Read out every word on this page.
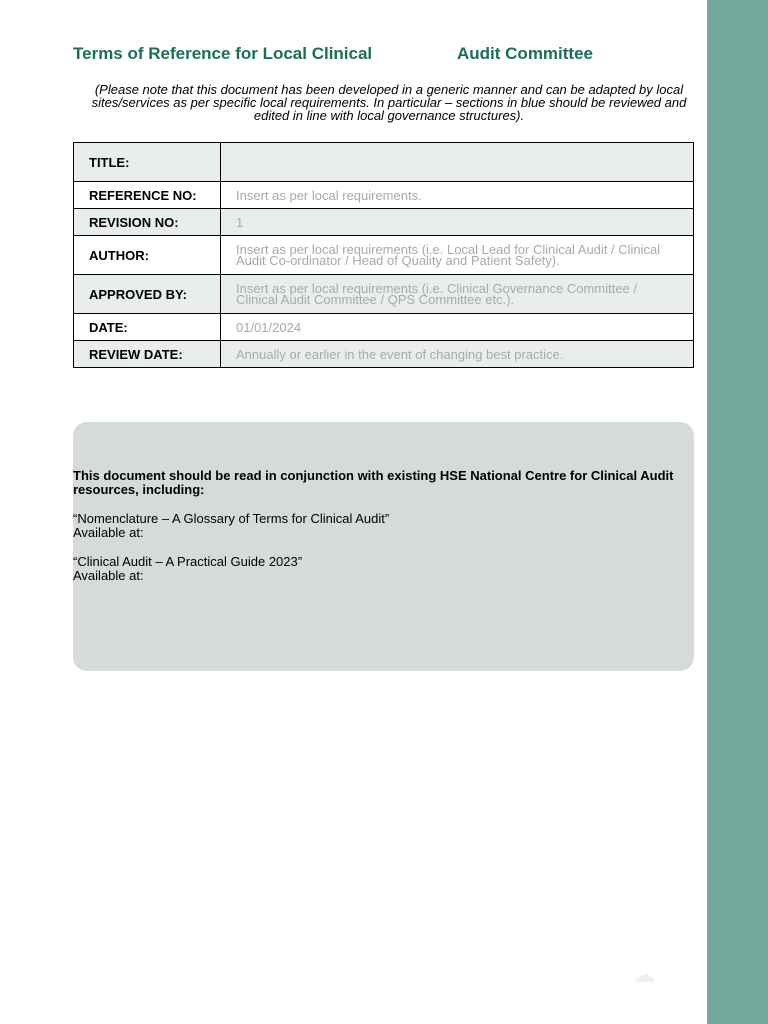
Terms of Reference for Local Clinical	Audit Committee
(Please note that this document has been developed in a generic manner and can be adapted by local sites/services as per specific local requirements. In particular – sections in blue should be reviewed and edited in line with local governance structures).
TITLE:	
REFERENCE NO:	Insert as per local requirements.
REVISION NO:	1
AUTHOR:	Insert as per local requirements (i.e. Local Lead for Clinical Audit / Clinical Audit Co-ordinator / Head of Quality and Patient Safety).
APPROVED BY:	Insert as per local requirements (i.e. Clinical Governance Committee / Clinical Audit Committee / QPS Committee etc.).
DATE:	01/01/2024
REVIEW DATE:	Annually or earlier in the event of changing best practice.

This document should be read in conjunction with existing HSE National Centre for Clinical Audit resources, including:

“Nomenclature – A Glossary of Terms for Clinical Audit”

Available at:

“Clinical Audit – A Practical Guide 2023”

Available at:

☁
